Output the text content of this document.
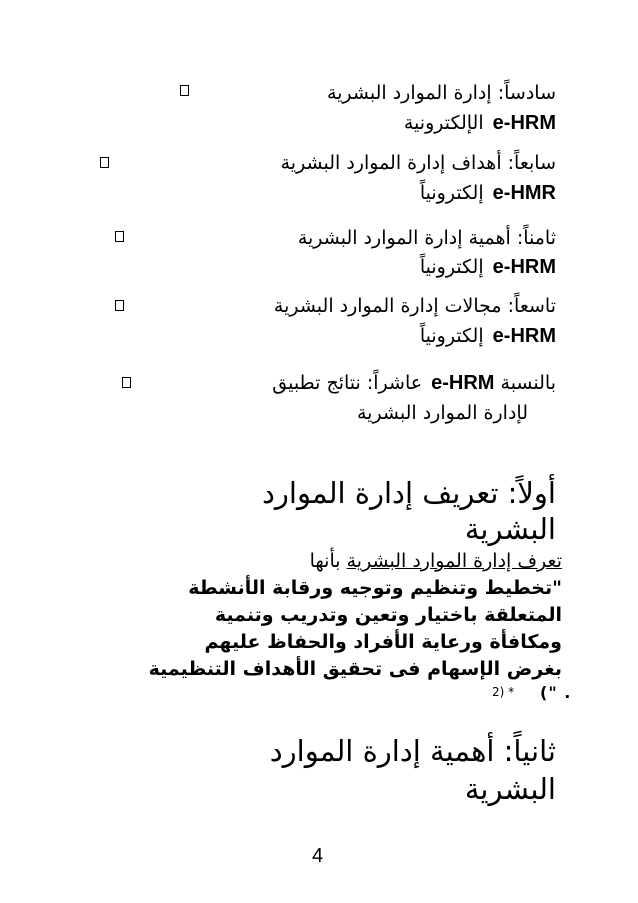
سادساً: إدارة الموارد البشرية
e-HRM الإلكترونية
سابعاً: أهداف إدارة الموارد البشرية
e-HMR إلكترونياً
ثامناً: أهمية إدارة الموارد البشرية
e-HRM إلكترونياً
تاسعاً: مجالات إدارة الموارد البشرية
e-HRM إلكترونياً
بالنسبة e-HRM عاشراً: نتائج تطبيق
لإدارة الموارد البشرية
أولاً: تعريف إدارة الموارد
البشرية
تعرف إدارة الموارد البشرية بأنها
"تخطيط وتنظيم وتوجيه ورقابة الأنشطة
المتعلقة باختيار وتعين وتدريب وتنمية
ومكافأة ورعاية الأفراد والحفاظ عليهم
بغرض الإسهام فى تحقيق الأهداف التنظيمية
. ")
2) *
ثانياً: أهمية إدارة الموارد
البشرية
4
